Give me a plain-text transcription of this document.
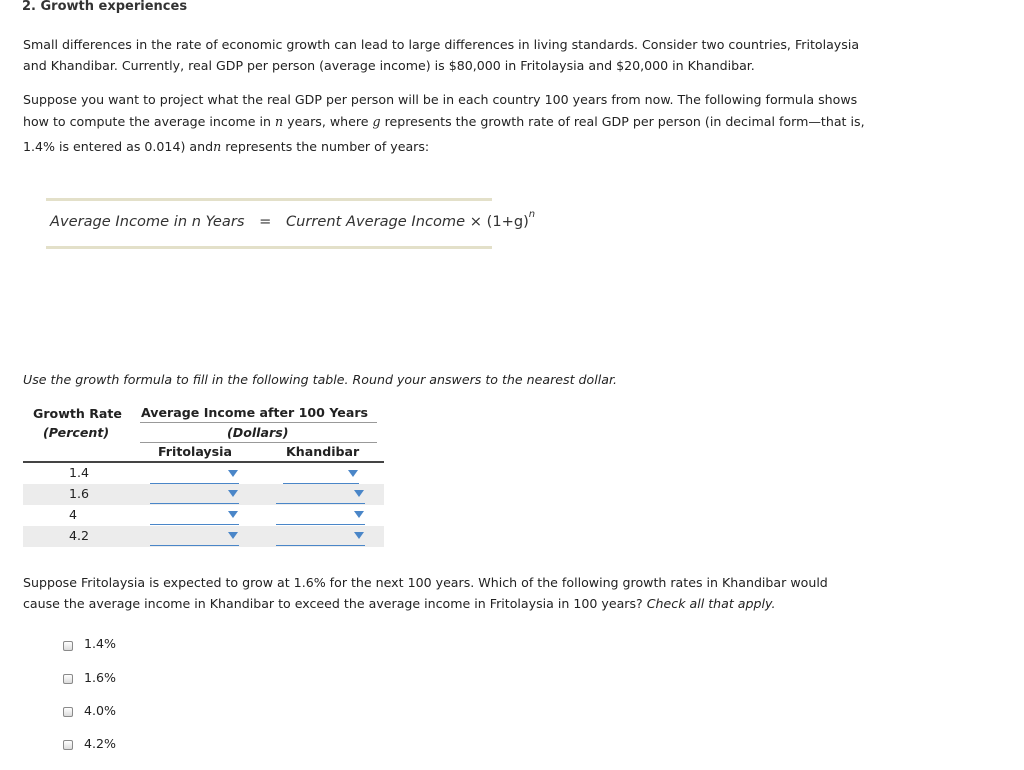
2. Growth experiences

Small differences in the rate of economic growth can lead to large differences in living standards. Consider two countries, Fritolaysia
and Khandibar. Currently, real GDP per person (average income) is $80,000 in Fritolaysia and $20,000 in Khandibar.

Suppose you want to project what the real GDP per person will be in each country 100 years from now. The following formula shows
how to compute the average income in n years, where g represents the growth rate of real GDP per person (in decimal form—that is,
1.4% is entered as 0.014) andn represents the number of years:

Average Income in n Years = Current Average Income × $(1+g)^n$
Use the growth formula to fill in the following table. Round your answers to the nearest dollar.
Growth Rate
(Percent)
Average Income after 100 Years
(Dollars)
Fritolaysia	Khandibar
1.4
1.6
4
4.2

Suppose Fritolaysia is expected to grow at 1.6% for the next 100 years. Which of the following growth rates in Khandibar would
cause the average income in Khandibar to exceed the average income in Fritolaysia in 100 years? Check all that apply.

1.4%
1.6%
4.0%
4.2%
